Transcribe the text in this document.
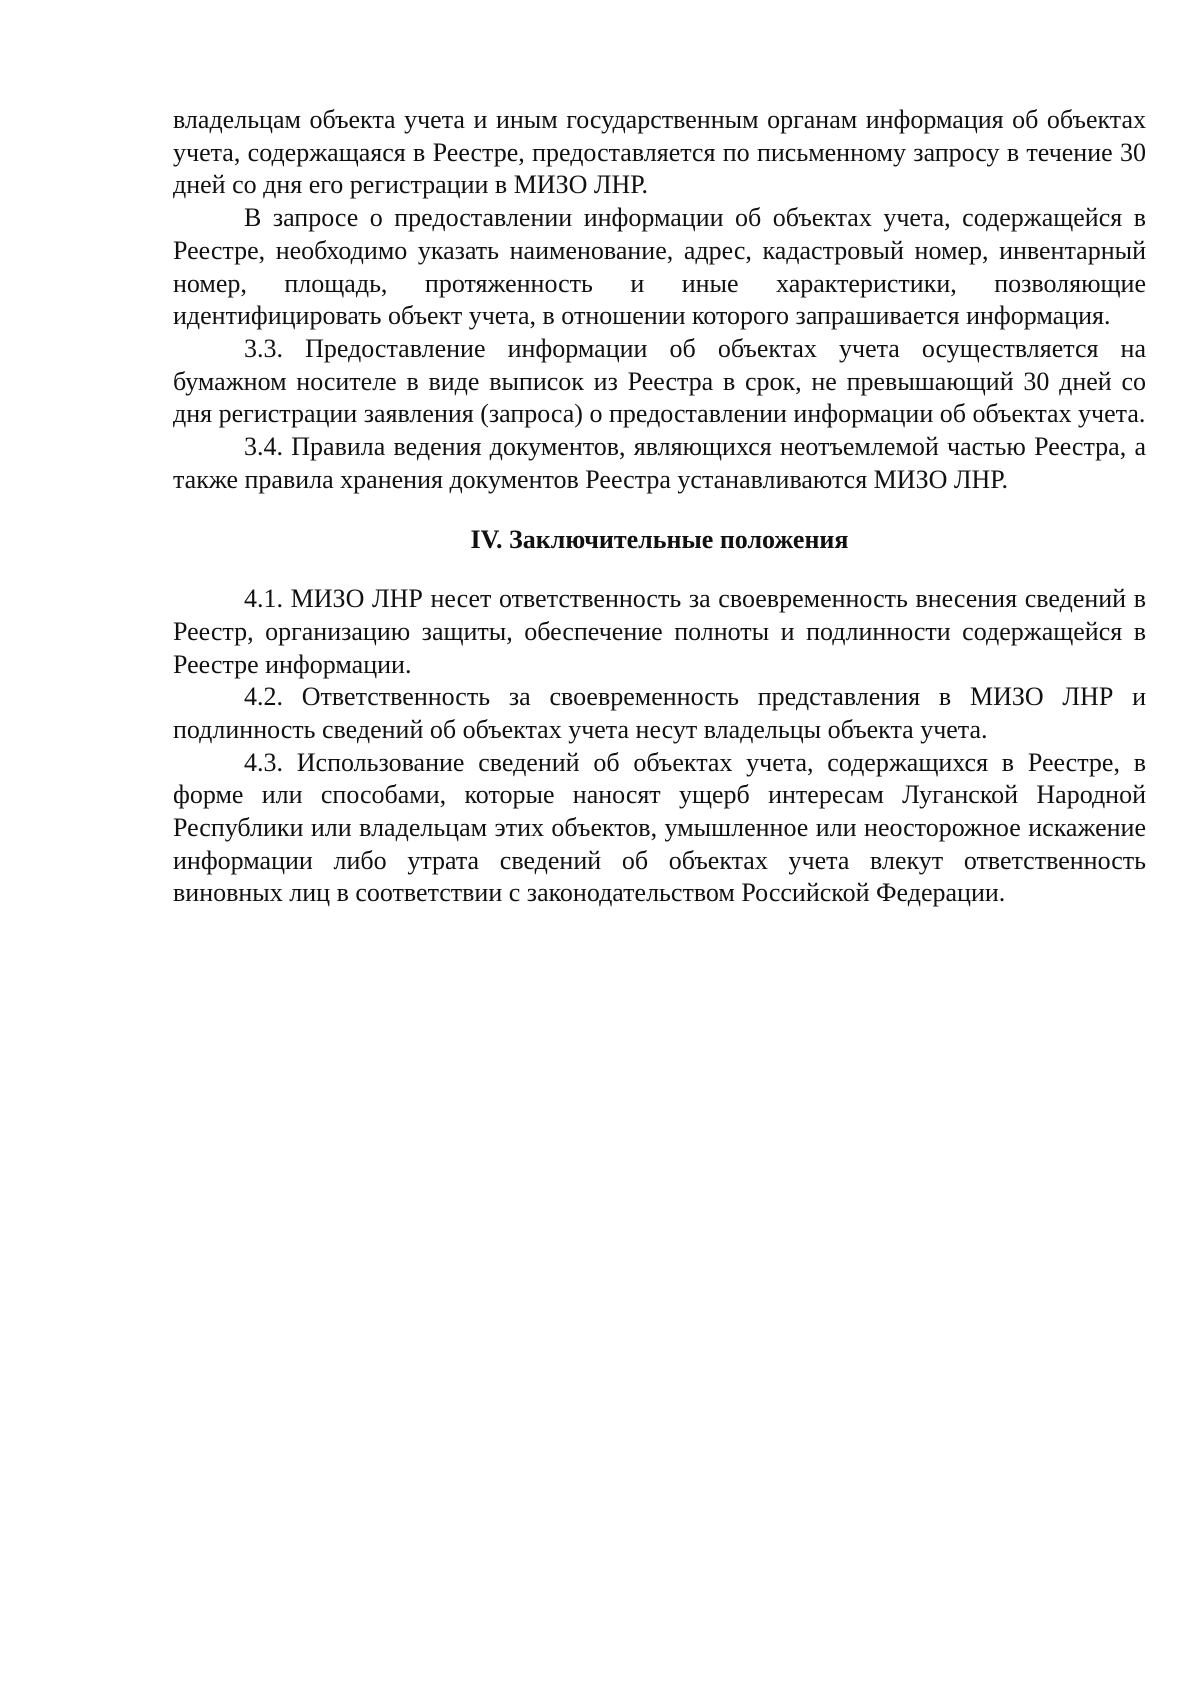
владельцам объекта учета и иным государственным органам информация об объектах учета, содержащаяся в Реестре, предоставляется по письменному запросу в течение 30 дней со дня его регистрации в МИЗО ЛНР.

В запросе о предоставлении информации об объектах учета, содержащейся в Реестре, необходимо указать наименование, адрес, кадастровый номер, инвентарный номер, площадь, протяженность и иные характеристики, позволяющие идентифицировать объект учета, в отношении которого запрашивается информация.

3.3. Предоставление информации об объектах учета осуществляется на бумажном носителе в виде выписок из Реестра в срок, не превышающий 30 дней со дня регистрации заявления (запроса) о предоставлении информации об объектах учета.

3.4. Правила ведения документов, являющихся неотъемлемой частью Реестра, а также правила хранения документов Реестра устанавливаются МИЗО ЛНР.

IV. Заключительные положения

4.1. МИЗО ЛНР несет ответственность за своевременность внесения сведений в Реестр, организацию защиты, обеспечение полноты и подлинности содержащейся в Реестре информации.

4.2. Ответственность за своевременность представления в МИЗО ЛНР и подлинность сведений об объектах учета несут владельцы объекта учета.

4.3. Использование сведений об объектах учета, содержащихся в Реестре, в форме или способами, которые наносят ущерб интересам Луганской Народной Республики или владельцам этих объектов, умышленное или неосторожное искажение информации либо утрата сведений об объектах учета влекут ответственность виновных лиц в соответствии с законодательством Российской Федерации.
